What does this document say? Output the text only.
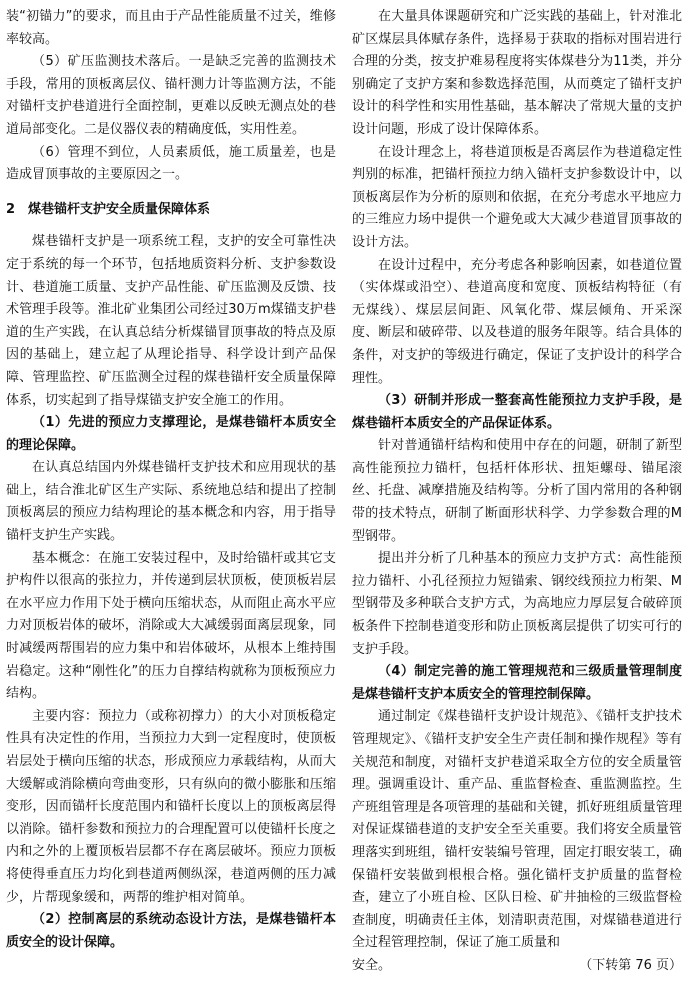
装“初锚力”的要求，而且由于产品性能质量不过关，维修率较高。

（5）矿压监测技术落后。一是缺乏完善的监测技术手段，常用的顶板离层仪、锚杆测力计等监测方法，不能对锚杆支护巷道进行全面控制，更难以反映无测点处的巷道局部变化。二是仪器仪表的精确度低，实用性差。

（6）管理不到位，人员素质低，施工质量差，也是造成冒顶事故的主要原因之一。

2　煤巷锚杆支护安全质量保障体系

煤巷锚杆支护是一项系统工程，支护的安全可靠性决定于系统的每一个环节，包括地质资料分析、支护参数设计、巷道施工质量、支护产品性能、矿压监测及反馈、技术管理手段等。淮北矿业集团公司经过30万m煤锚支护巷道的生产实践，在认真总结分析煤锚冒顶事故的特点及原因的基础上，建立起了从理论指导、科学设计到产品保障、管理监控、矿压监测全过程的煤巷锚杆安全质量保障体系，切实起到了指导煤锚支护安全施工的作用。

（1）先进的预应力支撑理论，是煤巷锚杆本质安全的理论保障。

在认真总结国内外煤巷锚杆支护技术和应用现状的基础上，结合淮北矿区生产实际、系统地总结和提出了控制顶板离层的预应力结构理论的基本概念和内容，用于指导锚杆支护生产实践。

基本概念：在施工安装过程中，及时给锚杆或其它支护构件以很高的张拉力，并传递到层状顶板，使顶板岩层在水平应力作用下处于横向压缩状态，从而阻止高水平应力对顶板岩体的破坏，消除或大大减缓弱面离层现象，同时减缓两帮围岩的应力集中和岩体破坏，从根本上维持围岩稳定。这种“刚性化”的压力自撑结构就称为顶板预应力结构。

主要内容：预拉力（或称初撑力）的大小对顶板稳定性具有决定性的作用，当预拉力大到一定程度时，使顶板岩层处于横向压缩的状态，形成预应力承载结构，从而大大缓解或消除横向弯曲变形，只有纵向的微小膨胀和压缩变形，因而锚杆长度范围内和锚杆长度以上的顶板离层得以消除。锚杆参数和预拉力的合理配置可以使锚杆长度之内和之外的上覆顶板岩层都不存在离层破坏。预应力顶板将使得垂直压力均化到巷道两侧纵深，巷道两侧的压力减少，片帮现象缓和，两帮的维护相对简单。

（2）控制离层的系统动态设计方法，是煤巷锚杆本质安全的设计保障。

在大量具体课题研究和广泛实践的基础上，针对淮北矿区煤层具体赋存条件，选择易于获取的指标对围岩进行合理的分类，按支护难易程度将实体煤巷分为11类，并分别确定了支护方案和参数选择范围，从而奠定了锚杆支护设计的科学性和实用性基础，基本解决了常规大量的支护设计问题，形成了设计保障体系。

在设计理念上，将巷道顶板是否离层作为巷道稳定性判别的标准，把锚杆预拉力纳入锚杆支护参数设计中，以顶板离层作为分析的原则和依据，在充分考虑水平地应力的三维应力场中提供一个避免或大大减少巷道冒顶事故的设计方法。

在设计过程中，充分考虑各种影响因素，如巷道位置（实体煤或沿空）、巷道高度和宽度、顶板结构特征（有无煤线）、煤层层间距、风氧化带、煤层倾角、开采深度、断层和破碎带、以及巷道的服务年限等。结合具体的条件，对支护的等级进行确定，保证了支护设计的科学合理性。

（3）研制并形成一整套高性能预拉力支护手段，是煤巷锚杆本质安全的产品保证体系。

针对普通锚杆结构和使用中存在的问题，研制了新型高性能预拉力锚杆，包括杆体形状、扭矩螺母、锚尾滚丝、托盘、减摩措施及结构等。分析了国内常用的各种钢带的技术特点，研制了断面形状科学、力学参数合理的M型钢带。

提出并分析了几种基本的预应力支护方式：高性能预拉力锚杆、小孔径预拉力短锚索、钢绞线预拉力桁架、M型钢带及多种联合支护方式，为高地应力厚层复合破碎顶板条件下控制巷道变形和防止顶板离层提供了切实可行的支护手段。

（4）制定完善的施工管理规范和三级质量管理制度是煤巷锚杆支护本质安全的管理控制保障。

通过制定《煤巷锚杆支护设计规范》、《锚杆支护技术管理规定》、《锚杆支护安全生产责任制和操作规程》等有关规范和制度，对锚杆支护巷道采取全方位的安全质量管理。强调重设计、重产品、重监督检查、重监测监控。生产班组管理是各项管理的基础和关键，抓好班组质量管理对保证煤锚巷道的支护安全至关重要。我们将安全质量管理落实到班组，锚杆安装编号管理，固定打眼安装工，确保锚杆安装做到根根合格。强化锚杆支护质量的监督检查，建立了小班自检、区队日检、矿井抽检的三级监督检查制度，明确责任主体，划清职责范围，对煤锚巷道进行全过程管理控制，保证了施工质量和

安全。	（下转第 76 页）
